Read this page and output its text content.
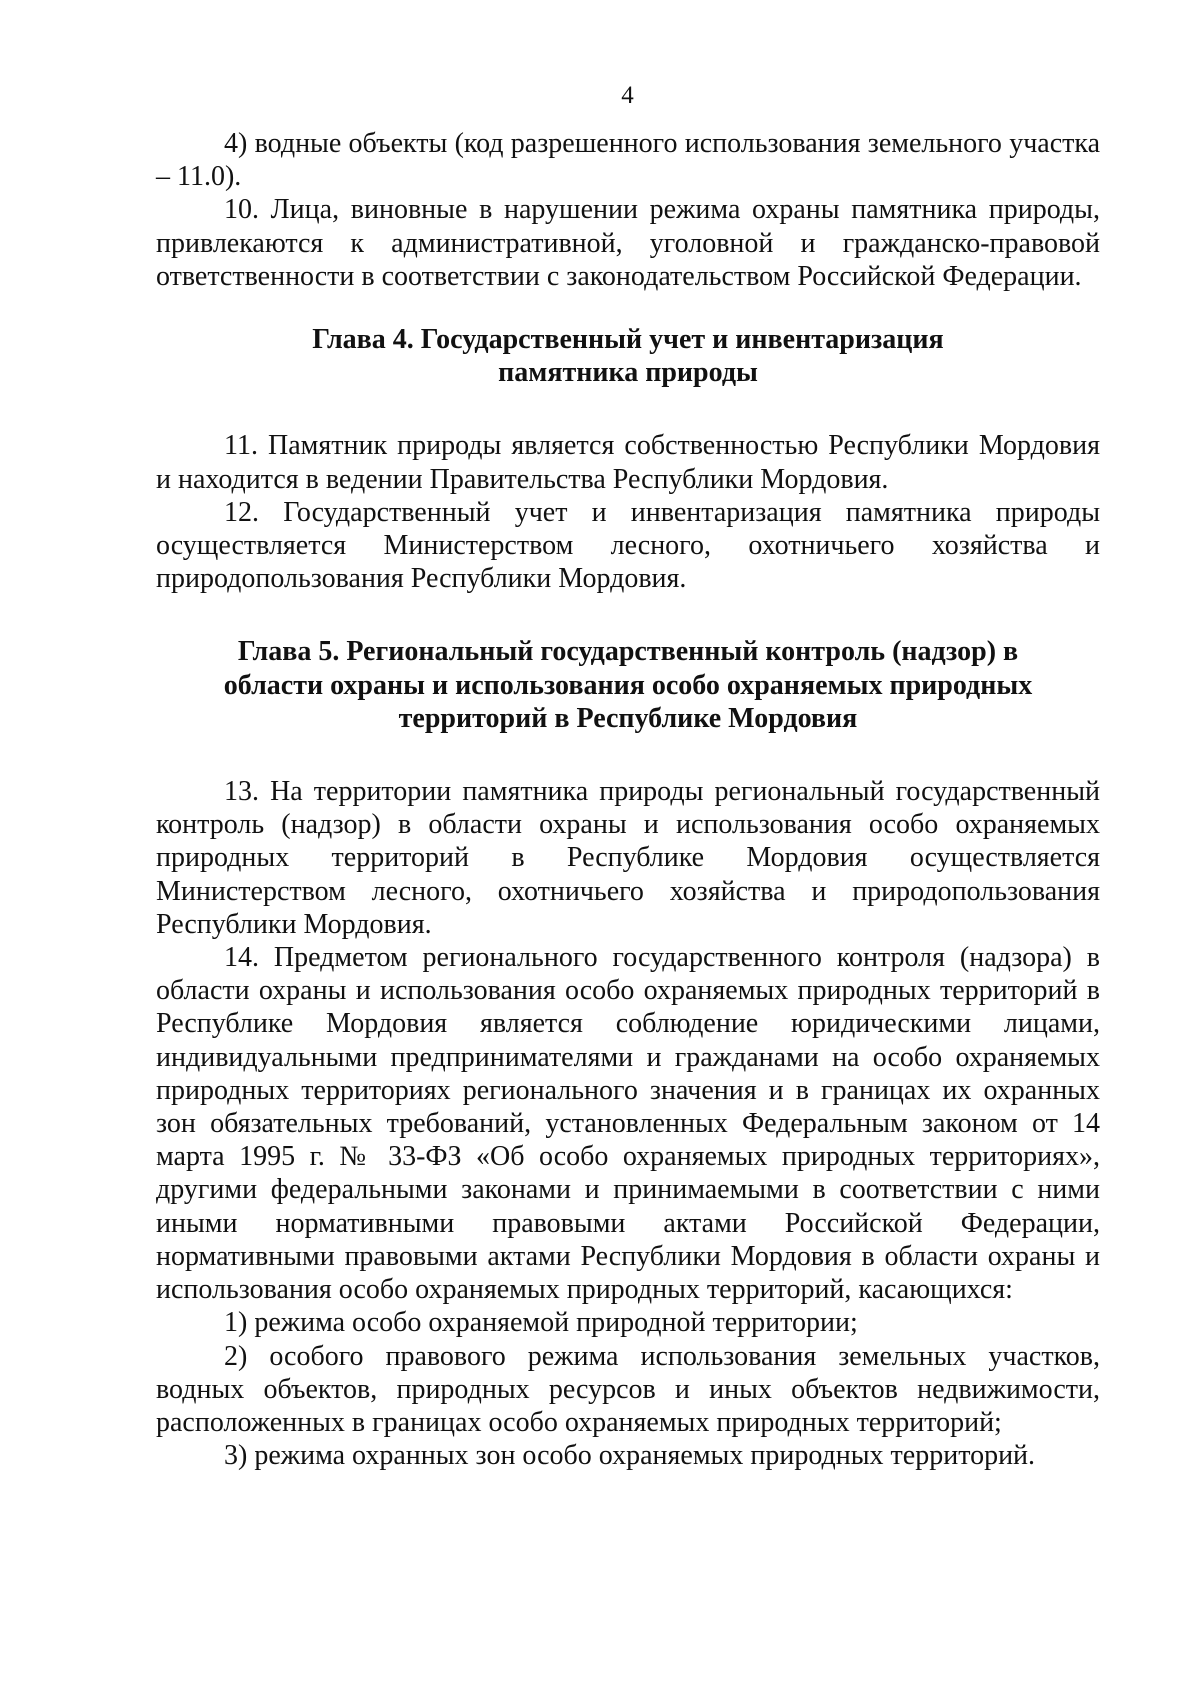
4

4) водные объекты (код разрешенного использования земельного участка – 11.0).

10. Лица, виновные в нарушении режима охраны памятника природы, привлекаются к административной, уголовной и гражданско-правовой ответственности в соответствии с законодательством Российской Федерации.

Глава 4. Государственный учет и инвентаризация
памятника природы

11. Памятник природы является собственностью Республики Мордовия и находится в ведении Правительства Республики Мордовия.

12. Государственный учет и инвентаризация памятника природы осуществляется Министерством лесного, охотничьего хозяйства и природопользования Республики Мордовия.

Глава 5. Региональный государственный контроль (надзор) в
области охраны и использования особо охраняемых природных
территорий в Республике Мордовия

13. На территории памятника природы региональный государственный контроль (надзор) в области охраны и использования особо охраняемых природных территорий в Республике Мордовия осуществляется Министерством лесного, охотничьего хозяйства и природопользования Республики Мордовия.

14. Предметом регионального государственного контроля (надзора) в области охраны и использования особо охраняемых природных территорий в Республике Мордовия является соблюдение юридическими лицами, индивидуальными предпринимателями и гражданами на особо охраняемых природных территориях регионального значения и в границах их охранных зон обязательных требований, установленных Федеральным законом от 14 марта 1995 г. № 33-ФЗ «Об особо охраняемых природных территориях», другими федеральными законами и принимаемыми в соответствии с ними иными нормативными правовыми актами Российской Федерации, нормативными правовыми актами Республики Мордовия в области охраны и использования особо охраняемых природных территорий, касающихся:

1) режима особо охраняемой природной территории;

2) особого правового режима использования земельных участков, водных объектов, природных ресурсов и иных объектов недвижимости, расположенных в границах особо охраняемых природных территорий;

3) режима охранных зон особо охраняемых природных территорий.
